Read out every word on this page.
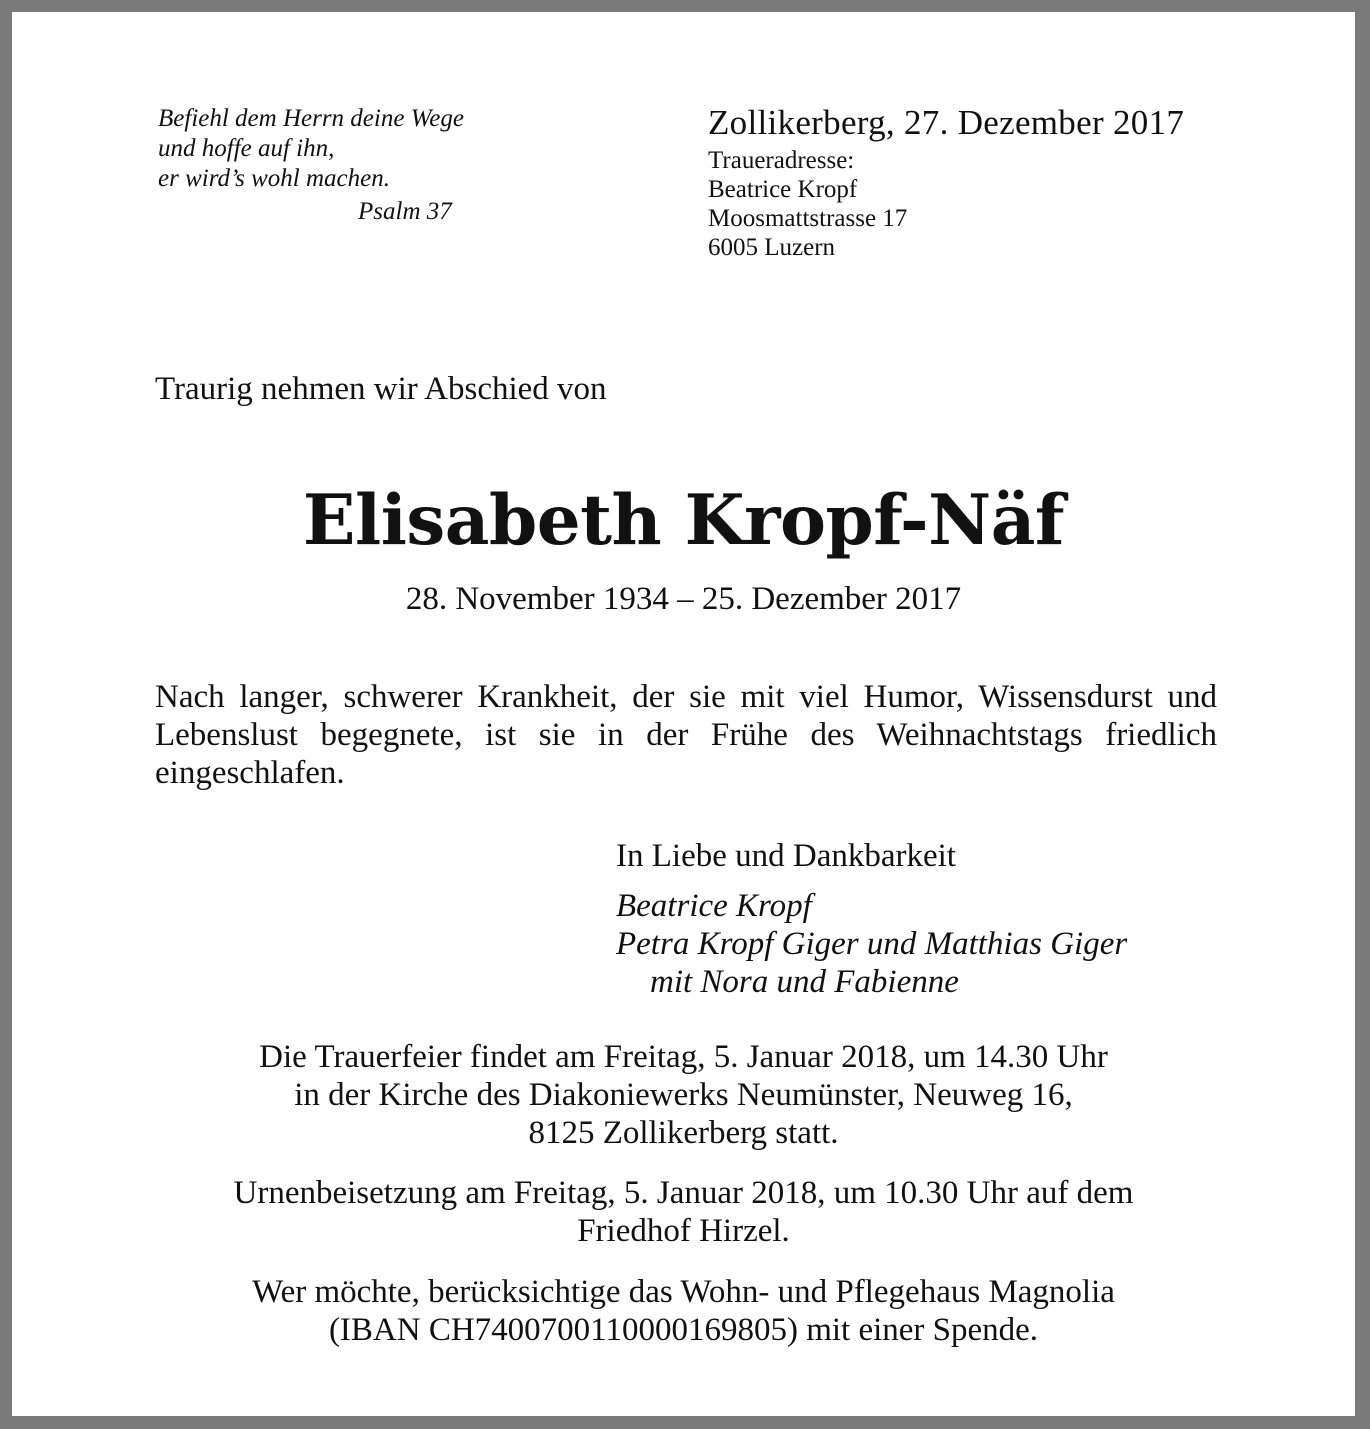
Befiehl dem Herrn deine Wege
und hoffe auf ihn,
er wird’s wohl machen.
Psalm 37
Zollikerberg, 27. Dezember 2017
Traueradresse:
Beatrice Kropf
Moosmattstrasse 17
6005 Luzern
Traurig nehmen wir Abschied von
Elisabeth Kropf-Näf
28. November 1934 – 25. Dezember 2017
Nach langer, schwerer Krankheit, der sie mit viel Humor, Wissensdurst und Lebenslust begegnete, ist sie in der Frühe des Weihnachtstags friedlich eingeschlafen.
In Liebe und Dankbarkeit
Beatrice Kropf
Petra Kropf Giger und Matthias Giger
mit Nora und Fabienne
Die Trauerfeier findet am Freitag, 5. Januar 2018, um 14.30 Uhr
in der Kirche des Diakoniewerks Neumünster, Neuweg 16,
8125 Zollikerberg statt.
Urnenbeisetzung am Freitag, 5. Januar 2018, um 10.30 Uhr auf dem
Friedhof Hirzel.
Wer möchte, berücksichtige das Wohn- und Pflegehaus Magnolia
(IBAN CH7400700110000169805) mit einer Spende.
